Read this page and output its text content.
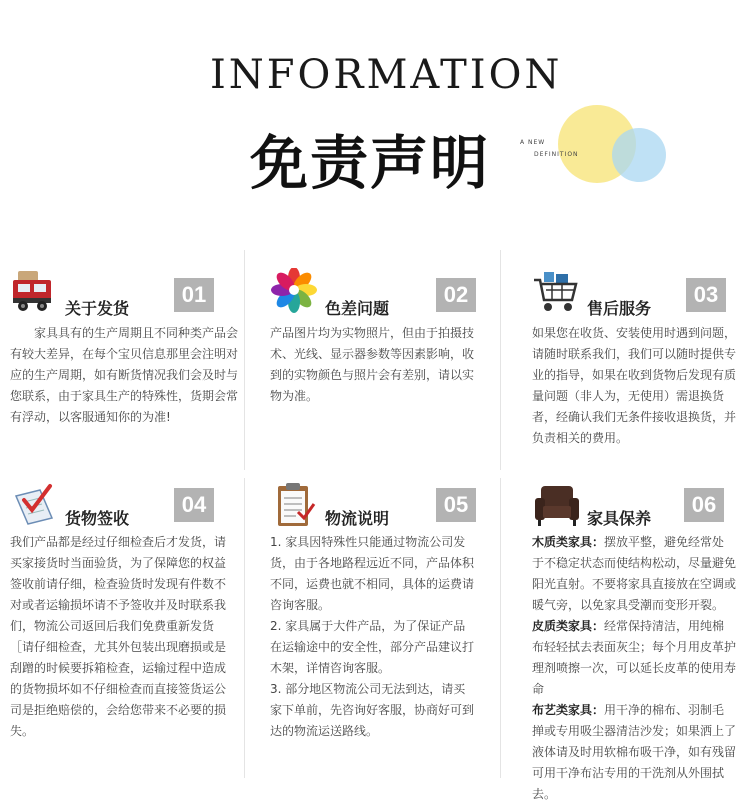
INFORMATION
免责声明	A NEW
DEFINITION
关于发货
01

家具具有的生产周期且不同种类产品会有较大差异，在每个宝贝信息那里会注明对应的生产周期，如有断货情况我们会及时与您联系，由于家具生产的特殊性，货期会常有浮动，以客服通知你的为准!

色差问题
02

产品图片均为实物照片，但由于拍摄技术、光线、显示器参数等因素影响，收到的实物颜色与照片会有差别，请以实物为准。

售后服务
03

如果您在收货、安装使用时遇到问题，请随时联系我们，我们可以随时提供专业的指导，如果在收到货物后发现有质量问题（非人为，无使用）需退换货者，经确认我们无条件接收退换货，并负责相关的费用。

货物签收
04

我们产品都是经过仔细检查后才发货，请买家接货时当面验货，为了保障您的权益签收前请仔细，检查验货时发现有件数不对或者运输损坏请不予签收并及时联系我们，物流公司返回后我们免费重新发货［请仔细检查，尤其外包装出现磨损或是刮蹭的时候要拆箱检查，运输过程中造成的货物损坏如不仔细检查而直接签货运公司是拒绝赔偿的，会给您带来不必要的损失。

物流说明
05

1. 家具因特殊性只能通过物流公司发货，由于各地路程远近不同，产品体积不同，运费也就不相同，具体的运费请咨询客服。

2. 家具属于大件产品，为了保证产品在运输途中的安全性，部分产品建议打木架，详情咨询客服。

3. 部分地区物流公司无法到达，请买家下单前，先咨询好客服，协商好可到达的物流运送路线。

家具保养
06

木质类家具：摆放平整，避免经常处于不稳定状态而使结构松动，尽量避免阳光直射。不要将家具直接放在空调或暖气旁，以免家具受潮而变形开裂。

皮质类家具：经常保持清洁，用纯棉布轻轻拭去表面灰尘；每个月用皮革护理剂喷擦一次，可以延长皮革的使用寿命

布艺类家具：用干净的棉布、羽制毛掸或专用吸尘器清洁沙发；如果洒上了液体请及时用软棉布吸干净，如有残留可用干净布沾专用的干洗剂从外围拭去。
